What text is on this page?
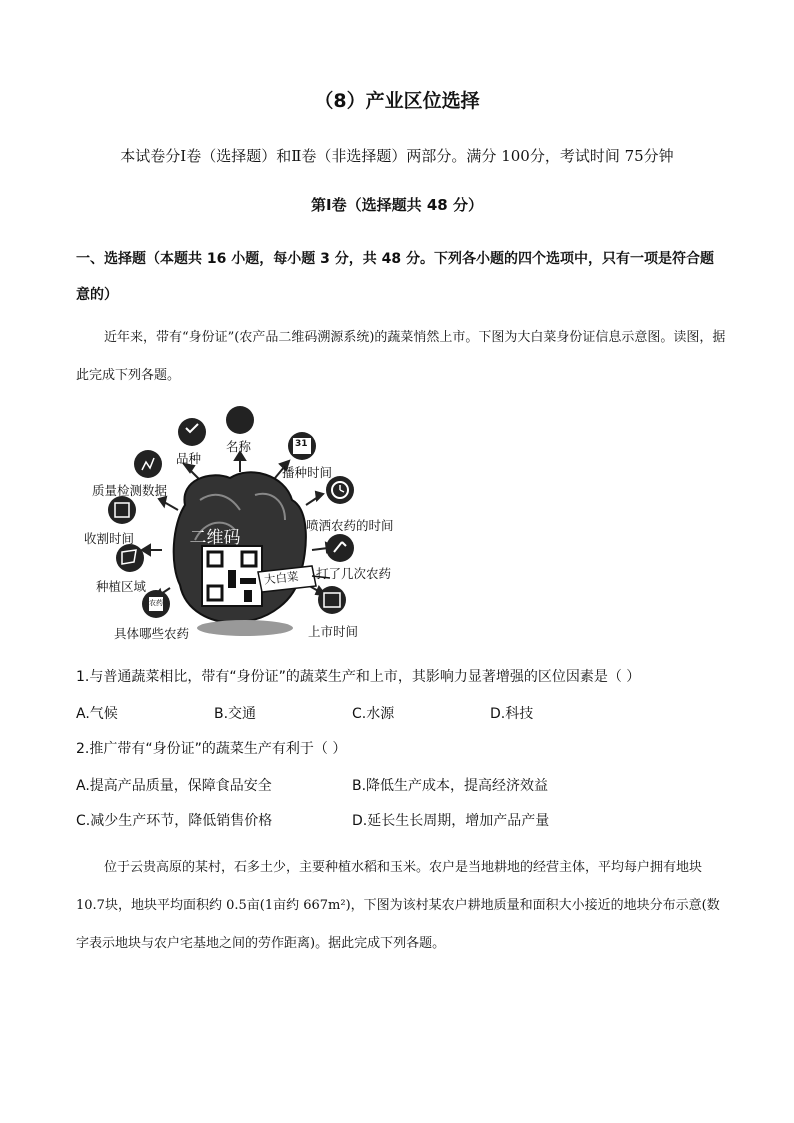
（8）产业区位选择
本试卷分Ⅰ卷（选择题）和Ⅱ卷（非选择题）两部分。满分 100分，考试时间 75分钟
第Ⅰ卷（选择题共 48 分）
一、选择题（本题共 16 小题，每小题 3 分，共 48 分。下列各小题的四个选项中，只有一项是符合题意的）
近年来，带有“身份证”(农产品二维码溯源系统)的蔬菜悄然上市。下图为大白菜身份证信息示意图。读图，据此完成下列各题。
二维码
大白菜
31
农药
品种
名称
播种时间
质量检测数据
喷洒农药的时间
收割时间
打了几次农药
种植区域
上市时间
具体哪些农药
1.与普通蔬菜相比，带有“身份证”的蔬菜生产和上市，其影响力显著增强的区位因素是（ ）
A.气候	B.交通	C.水源	D.科技
2.推广带有“身份证”的蔬菜生产有利于（ ）
A.提高产品质量，保障食品安全	B.降低生产成本，提高经济效益
C.减少生产环节，降低销售价格	D.延长生长周期，增加产品产量
位于云贵高原的某村，石多土少，主要种植水稻和玉米。农户是当地耕地的经营主体，平均每户拥有地块 10.7块，地块平均面积约 0.5亩(1亩约 667m²)，下图为该村某农户耕地质量和面积大小接近的地块分布示意(数字表示地块与农户宅基地之间的劳作距离)。据此完成下列各题。
